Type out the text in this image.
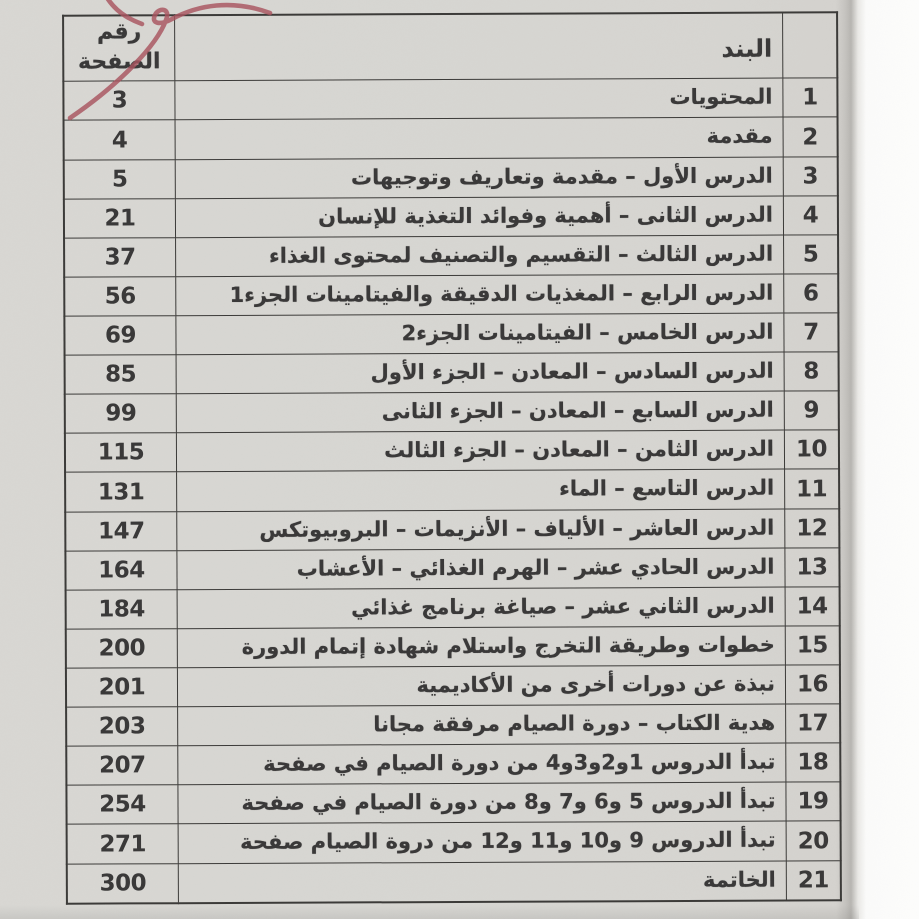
	البند	رقم
الصفحة

1	المحتويات	3
2	مقدمة	4
3	الدرس الأول – مقدمة وتعاريف وتوجيهات	5
4	الدرس الثانى – أهمية وفوائد التغذية للإنسان	21
5	الدرس الثالث – التقسيم والتصنيف لمحتوى الغذاء	37
6	الدرس الرابع – المغذيات الدقيقة والفيتامينات الجزء1	56
7	الدرس الخامس – الفيتامينات الجزء2	69
8	الدرس السادس – المعادن – الجزء الأول	85
9	الدرس السابع – المعادن – الجزء الثانى	99
10	الدرس الثامن – المعادن – الجزء الثالث	115
11	الدرس التاسع – الماء	131
12	الدرس العاشر – الألياف – الأنزيمات – البروبيوتكس	147
13	الدرس الحادي عشر – الهرم الغذائي – الأعشاب	164
14	الدرس الثاني عشر – صياغة برنامج غذائي	184
15	خطوات وطريقة التخرج واستلام شهادة إتمام الدورة	200
16	نبذة عن دورات أخرى من الأكاديمية	201
17	هدية الكتاب – دورة الصيام مرفقة مجانا	203
18	تبدأ الدروس 1و2و3و4 من دورة الصيام في صفحة	207
19	تبدأ الدروس 5 و6 و7 و8 من دورة الصيام في صفحة	254
20	تبدأ الدروس 9 و10 و11 و12 من دروة الصيام صفحة	271
21	الخاتمة	300
